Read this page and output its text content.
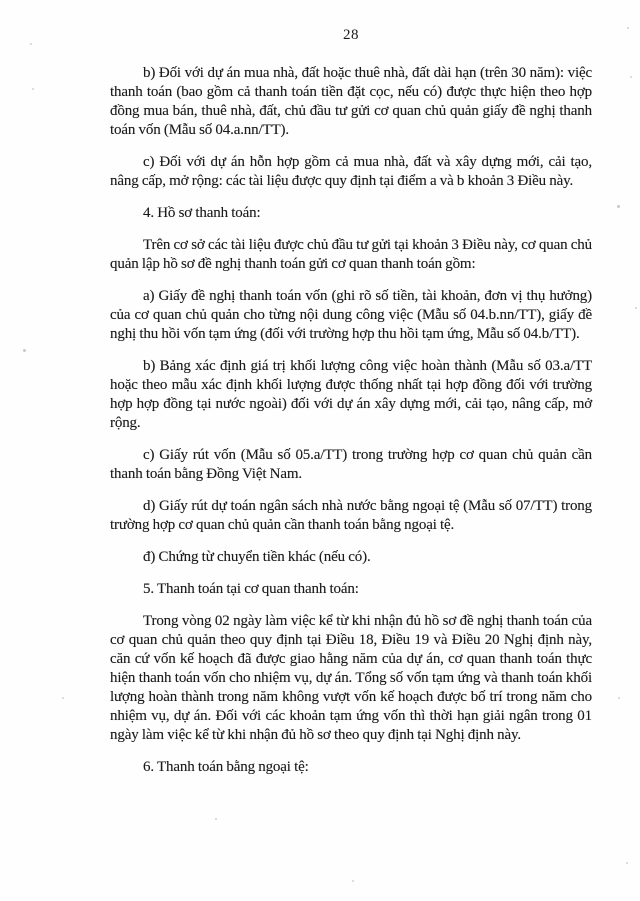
28

b) Đối với dự án mua nhà, đất hoặc thuê nhà, đất dài hạn (trên 30 năm): việc thanh toán (bao gồm cả thanh toán tiền đặt cọc, nếu có) được thực hiện theo hợp đồng mua bán, thuê nhà, đất, chủ đầu tư gửi cơ quan chủ quản giấy đề nghị thanh toán vốn (Mẫu số 04.a.nn/TT).

c) Đối với dự án hỗn hợp gồm cả mua nhà, đất và xây dựng mới, cải tạo, nâng cấp, mở rộng: các tài liệu được quy định tại điểm a và b khoản 3 Điều này.

4. Hồ sơ thanh toán:

Trên cơ sở các tài liệu được chủ đầu tư gửi tại khoản 3 Điều này, cơ quan chủ quản lập hồ sơ đề nghị thanh toán gửi cơ quan thanh toán gồm:

a) Giấy đề nghị thanh toán vốn (ghi rõ số tiền, tài khoản, đơn vị thụ hưởng) của cơ quan chủ quản cho từng nội dung công việc (Mẫu số 04.b.nn/TT), giấy đề nghị thu hồi vốn tạm ứng (đối với trường hợp thu hồi tạm ứng, Mẫu số 04.b/TT).

b) Bảng xác định giá trị khối lượng công việc hoàn thành (Mẫu số 03.a/TT hoặc theo mẫu xác định khối lượng được thống nhất tại hợp đồng đối với trường hợp hợp đồng tại nước ngoài) đối với dự án xây dựng mới, cải tạo, nâng cấp, mở rộng.

c) Giấy rút vốn (Mẫu số 05.a/TT) trong trường hợp cơ quan chủ quản cần thanh toán bằng Đồng Việt Nam.

d) Giấy rút dự toán ngân sách nhà nước bằng ngoại tệ (Mẫu số 07/TT) trong trường hợp cơ quan chủ quản cần thanh toán bằng ngoại tệ.

đ) Chứng từ chuyển tiền khác (nếu có).

5. Thanh toán tại cơ quan thanh toán:

Trong vòng 02 ngày làm việc kể từ khi nhận đủ hồ sơ đề nghị thanh toán của cơ quan chủ quản theo quy định tại Điều 18, Điều 19 và Điều 20 Nghị định này, căn cứ vốn kế hoạch đã được giao hằng năm của dự án, cơ quan thanh toán thực hiện thanh toán vốn cho nhiệm vụ, dự án. Tổng số vốn tạm ứng và thanh toán khối lượng hoàn thành trong năm không vượt vốn kế hoạch được bố trí trong năm cho nhiệm vụ, dự án. Đối với các khoản tạm ứng vốn thì thời hạn giải ngân trong 01 ngày làm việc kể từ khi nhận đủ hồ sơ theo quy định tại Nghị định này.

6. Thanh toán bằng ngoại tệ:
